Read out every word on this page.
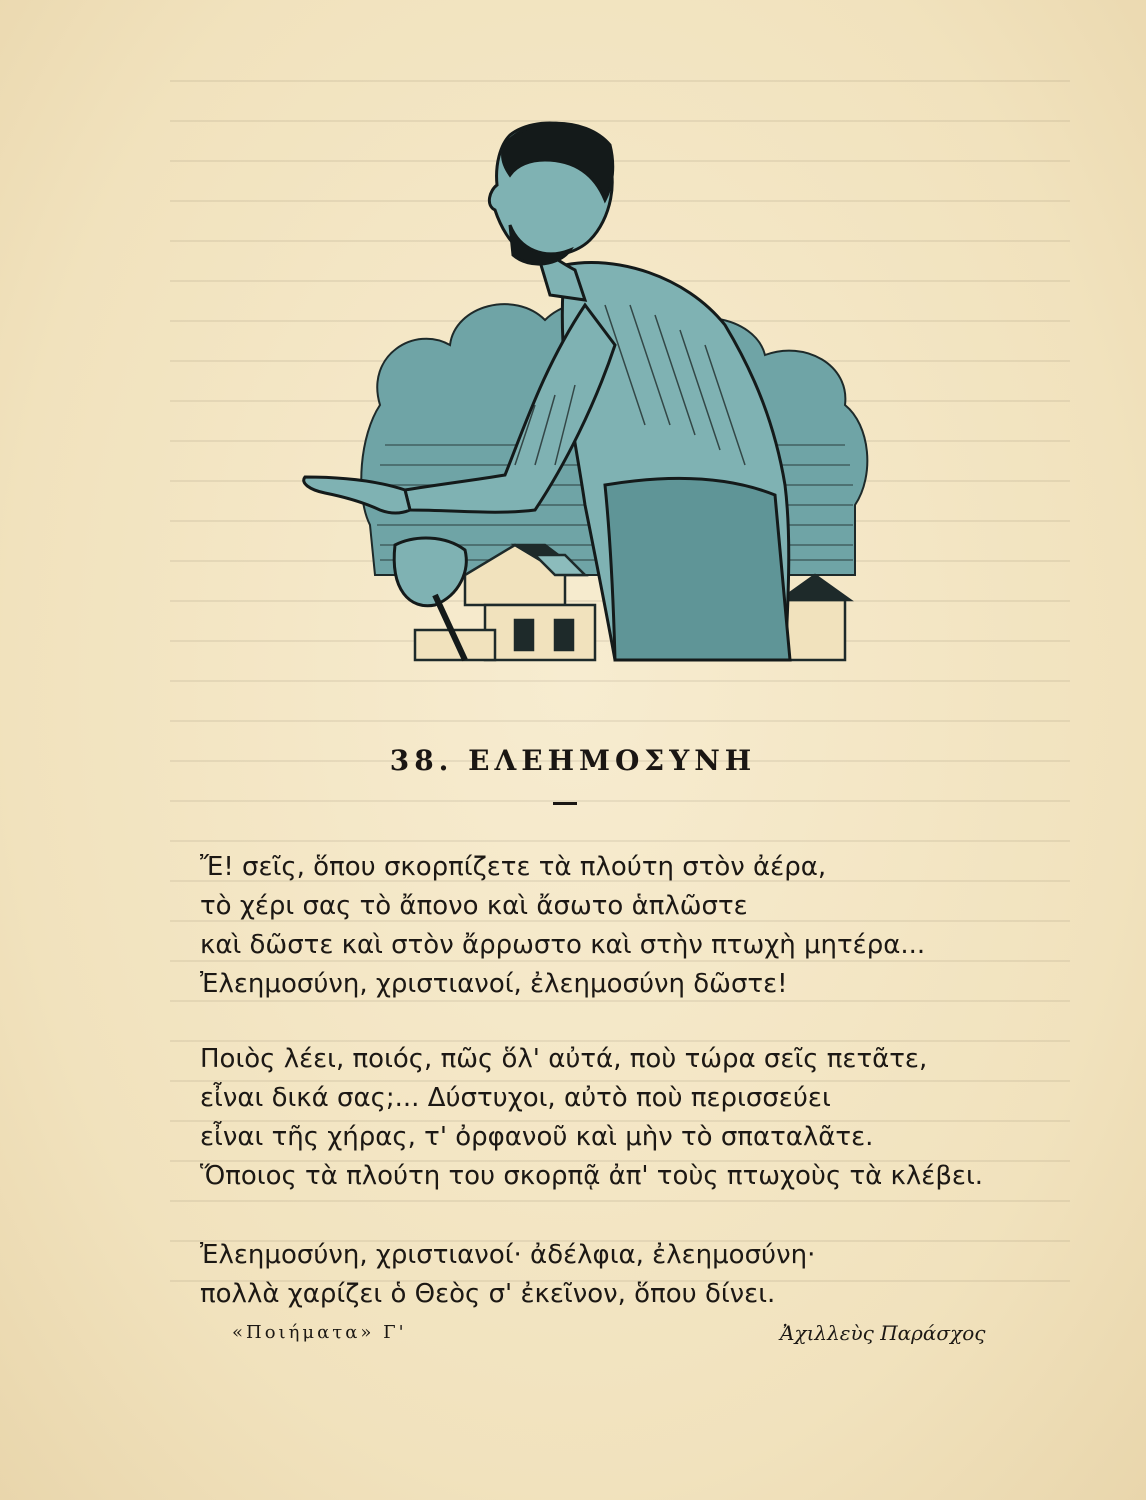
38. ΕΛΕΗΜΟΣΥΝΗ
Ἔ! σεῖς, ὅπου σκορπίζετε τὰ πλούτη στὸν ἀέρα,
τὸ χέρι σας τὸ ἄπονο καὶ ἄσωτο ἁπλῶστε
καὶ δῶστε καὶ στὸν ἄρρωστο καὶ στὴν πτωχὴ μητέρα...
Ἐλεημοσύνη, χριστιανοί, ἐλεημοσύνη δῶστε!
Ποιὸς λέει, ποιός, πῶς ὅλ' αὐτά, ποὺ τώρα σεῖς πετᾶτε,
εἶναι δικά σας;... Δύστυχοι, αὐτὸ ποὺ περισσεύει
εἶναι τῆς χήρας, τ' ὀρφανοῦ καὶ μὴν τὸ σπαταλᾶτε.
Ὅποιος τὰ πλούτη του σκορπᾷ ἀπ' τοὺς πτωχοὺς τὰ κλέβει.
Ἐλεημοσύνη, χριστιανοί· ἀδέλφια, ἐλεημοσύνη·
πολλὰ χαρίζει ὁ Θεὸς σ' ἐκεῖνον, ὅπου δίνει.
«Ποιήματα» Γ'	Ἀχιλλεὺς Παράσχος
